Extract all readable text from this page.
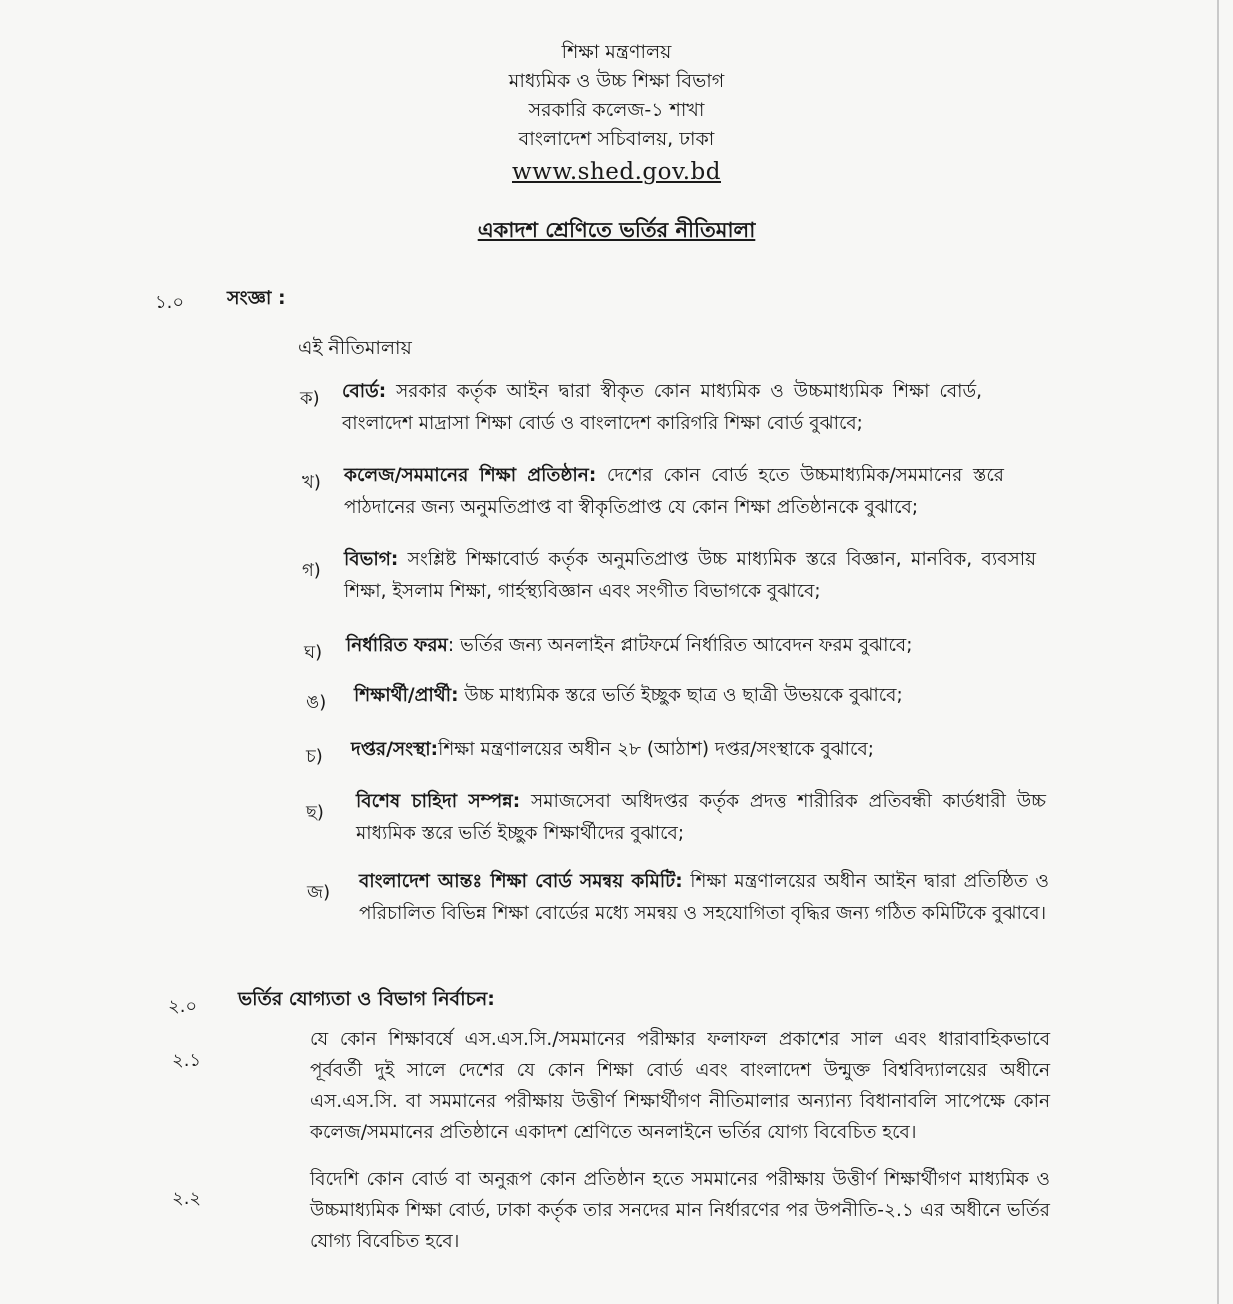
শিক্ষা মন্ত্রণালয়
মাধ্যমিক ও উচ্চ শিক্ষা বিভাগ
সরকারি কলেজ-১ শাখা
বাংলাদেশ সচিবালয়, ঢাকা
www.shed.gov.bd
একাদশ শ্রেণিতে ভর্তির নীতিমালা
১.০ সংজ্ঞা :
এই নীতিমালায়
ক) বোর্ড: সরকার কর্তৃক আইন দ্বারা স্বীকৃত কোন মাধ্যমিক ও উচ্চমাধ্যমিক শিক্ষা বোর্ড, বাংলাদেশ মাদ্রাসা শিক্ষা বোর্ড ও বাংলাদেশ কারিগরি শিক্ষা বোর্ড বুঝাবে;
খ) কলেজ/সমমানের শিক্ষা প্রতিষ্ঠান: দেশের কোন বোর্ড হতে উচ্চমাধ্যমিক/সমমানের স্তরে পাঠদানের জন্য অনুমতিপ্রাপ্ত বা স্বীকৃতিপ্রাপ্ত যে কোন শিক্ষা প্রতিষ্ঠানকে বুঝাবে;
গ)
বিভাগ: সংশ্লিষ্ট শিক্ষাবোর্ড কর্তৃক অনুমতিপ্রাপ্ত উচ্চ মাধ্যমিক স্তরে বিজ্ঞান, মানবিক, ব্যবসায় শিক্ষা, ইসলাম শিক্ষা, গার্হস্থ্যবিজ্ঞান এবং সংগীত বিভাগকে বুঝাবে;
ঘ) নির্ধারিত ফরম: ভর্তির জন্য অনলাইন প্লাটফর্মে নির্ধারিত আবেদন ফরম বুঝাবে;
ঙ) শিক্ষার্থী/প্রার্থী: উচ্চ মাধ্যমিক স্তরে ভর্তি ইচ্ছুক ছাত্র ও ছাত্রী উভয়কে বুঝাবে;
চ) দপ্তর/সংস্থা:শিক্ষা মন্ত্রণালয়ের অধীন ২৮ (আঠাশ) দপ্তর/সংস্থাকে বুঝাবে;
ছ)
বিশেষ চাহিদা সম্পন্ন: সমাজসেবা অধিদপ্তর কর্তৃক প্রদত্ত শারীরিক প্রতিবন্ধী কার্ডধারী উচ্চ মাধ্যমিক স্তরে ভর্তি ইচ্ছুক শিক্ষার্থীদের বুঝাবে;
জ)
বাংলাদেশ আন্তঃ শিক্ষা বোর্ড সমন্বয় কমিটি: শিক্ষা মন্ত্রণালয়ের অধীন আইন দ্বারা প্রতিষ্ঠিত ও পরিচালিত বিভিন্ন শিক্ষা বোর্ডের মধ্যে সমন্বয় ও সহযোগিতা বৃদ্ধির জন্য গঠিত কমিটিকে বুঝাবে।
২.০ ভর্তির যোগ্যতা ও বিভাগ নির্বাচন:
২.১
যে কোন শিক্ষাবর্ষে এস.এস.সি./সমমানের পরীক্ষার ফলাফল প্রকাশের সাল এবং ধারাবাহিকভাবে পূর্ববর্তী দুই সালে দেশের যে কোন শিক্ষা বোর্ড এবং বাংলাদেশ উন্মুক্ত বিশ্ববিদ্যালয়ের অধীনে এস.এস.সি. বা সমমানের পরীক্ষায় উত্তীর্ণ শিক্ষার্থীগণ নীতিমালার অন্যান্য বিধানাবলি সাপেক্ষে কোন কলেজ/সমমানের প্রতিষ্ঠানে একাদশ শ্রেণিতে অনলাইনে ভর্তির যোগ্য বিবেচিত হবে।
২.২
বিদেশি কোন বোর্ড বা অনুরূপ কোন প্রতিষ্ঠান হতে সমমানের পরীক্ষায় উত্তীর্ণ শিক্ষার্থীগণ মাধ্যমিক ও উচ্চমাধ্যমিক শিক্ষা বোর্ড, ঢাকা কর্তৃক তার সনদের মান নির্ধারণের পর উপনীতি-২.১ এর অধীনে ভর্তির যোগ্য বিবেচিত হবে।
